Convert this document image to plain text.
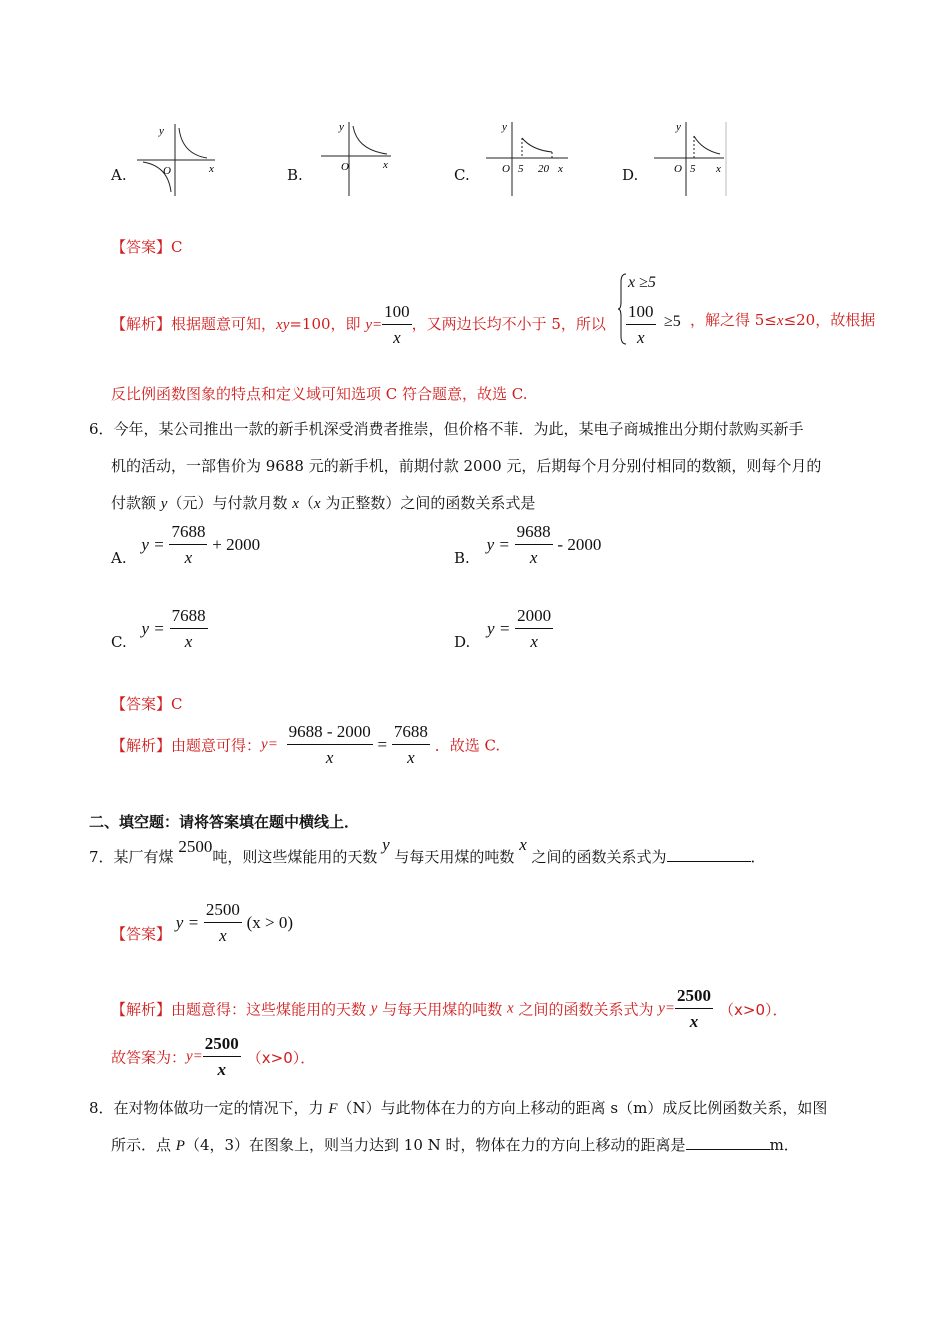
A.
y
O	x	B.
y
O	x
C.
y
O 5 20 x	D.
y
O 5 x
【答案】C
【解析】根据题意可知，xy=100，即 $y= \frac{100}{x}$ ，又两边长均不小于 5，所以
x ≥5
$\frac{100}{x} \ge 5$ ，解之得 5≤x≤20，故根据
反比例函数图象的特点和定义域可知选项 C 符合题意，故选 C.
6．今年，某公司推出一款的新手机深受消费者推崇，但价格不菲．为此，某电子商城推出分期付款购买新手
机的活动，一部售价为 9688 元的新手机，前期付款 2000 元，后期每个月分别付相同的数额，则每个月的
付款额 y（元）与付款月数 x（x 为正整数）之间的函数关系式是
A. $y = \frac{7688}{x} + 2000$
B. $y = \frac{9688}{x} - 2000$
C. $y = \frac{7688}{x}$	D. $y = \frac{2000}{x}$
【答案】C
【解析】由题意可得：$y= \frac{9688 - 2000}{x} = \frac{7688}{x}$ ．故选 C.
二、填空题：请将答案填在题中横线上．
7．某厂有煤 2500吨，则这些煤能用的天数 y 与每天用煤的吨数 x 之间的函数关系式为	．
【答案】 $y = \frac{2500}{x} (x > 0)$
【解析】由题意得：这些煤能用的天数 y 与每天用煤的吨数 x 之间的函数关系式为 $y= \frac{2500}{x} (x>0)$．
故答案为：$y= \frac{2500}{x} (x>0)$．
8．在对物体做功一定的情况下，力 F（N）与此物体在力的方向上移动的距离 s（m）成反比例函数关系，如图
所示．点 P（4，3）在图象上，则当力达到 10 N 时，物体在力的方向上移动的距离是	m．
